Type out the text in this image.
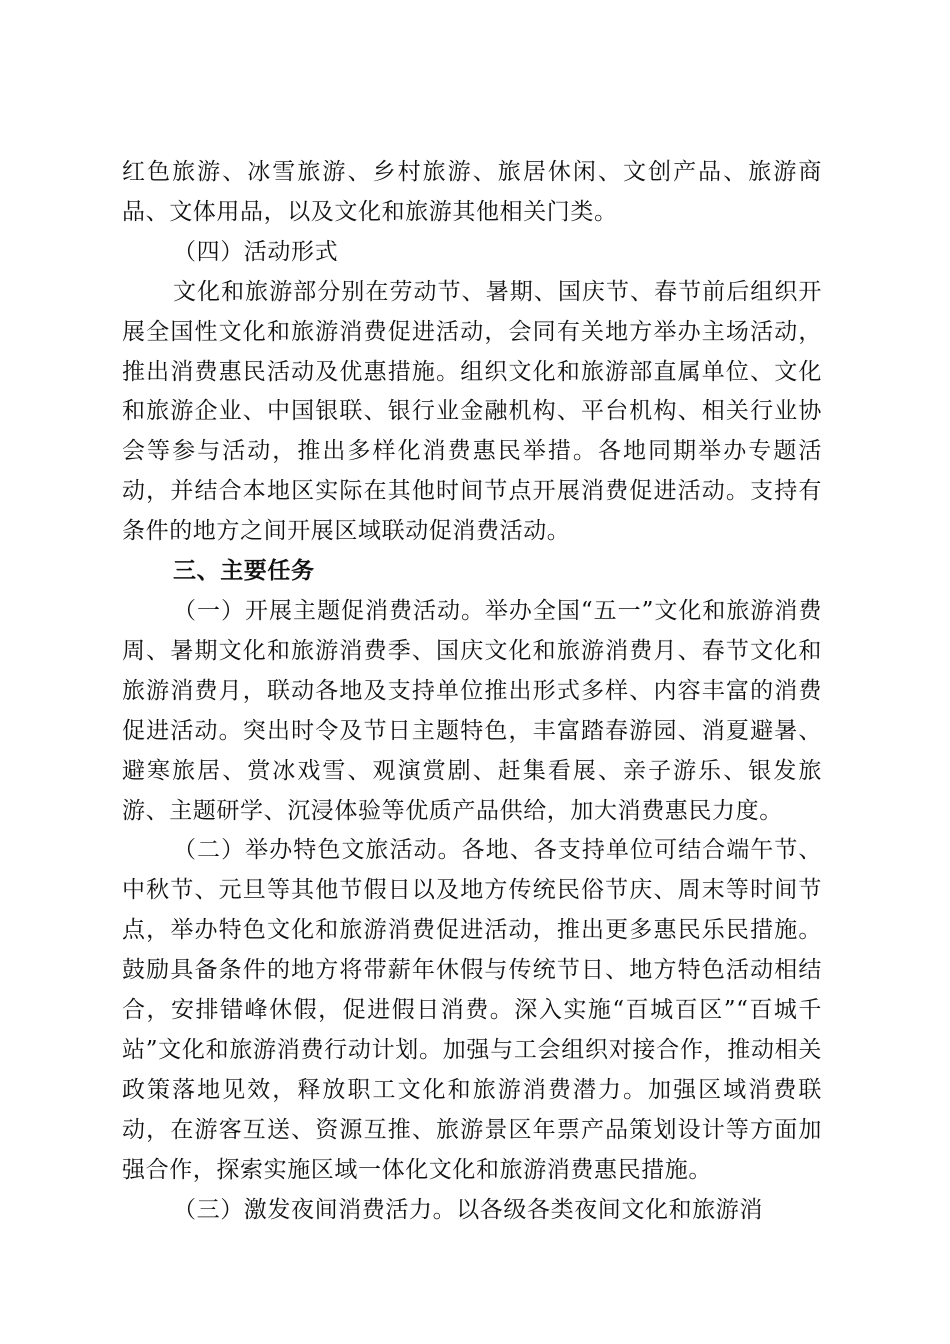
红色旅游、冰雪旅游、乡村旅游、旅居休闲、文创产品、旅游商品、文体用品，以及文化和旅游其他相关门类。

（四）活动形式

文化和旅游部分别在劳动节、暑期、国庆节、春节前后组织开展全国性文化和旅游消费促进活动，会同有关地方举办主场活动，推出消费惠民活动及优惠措施。组织文化和旅游部直属单位、文化和旅游企业、中国银联、银行业金融机构、平台机构、相关行业协会等参与活动，推出多样化消费惠民举措。各地同期举办专题活动，并结合本地区实际在其他时间节点开展消费促进活动。支持有条件的地方之间开展区域联动促消费活动。

三、主要任务

（一）开展主题促消费活动。举办全国“五一”文化和旅游消费周、暑期文化和旅游消费季、国庆文化和旅游消费月、春节文化和旅游消费月，联动各地及支持单位推出形式多样、内容丰富的消费促进活动。突出时令及节日主题特色，丰富踏春游园、消夏避暑、避寒旅居、赏冰戏雪、观演赏剧、赶集看展、亲子游乐、银发旅游、主题研学、沉浸体验等优质产品供给，加大消费惠民力度。

（二）举办特色文旅活动。各地、各支持单位可结合端午节、中秋节、元旦等其他节假日以及地方传统民俗节庆、周末等时间节点，举办特色文化和旅游消费促进活动，推出更多惠民乐民措施。鼓励具备条件的地方将带薪年休假与传统节日、地方特色活动相结合，安排错峰休假，促进假日消费。深入实施“百城百区”“百城千站”文化和旅游消费行动计划。加强与工会组织对接合作，推动相关政策落地见效，释放职工文化和旅游消费潜力。加强区域消费联动，在游客互送、资源互推、旅游景区年票产品策划设计等方面加强合作，探索实施区域一体化文化和旅游消费惠民措施。

（三）激发夜间消费活力。以各级各类夜间文化和旅游消
